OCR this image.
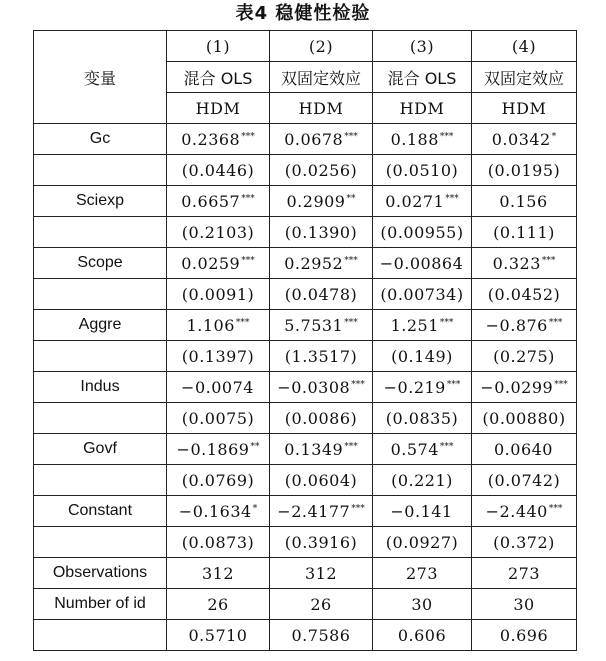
表4 稳健性检验
变量	(1)	(2)	(3)	(4)
	混合 OLS	双固定效应	混合 OLS	双固定效应
	HDM	HDM	HDM	HDM
Gc	0.2368***	0.0678***	0.188***	0.0342*
	(0.0446)	(0.0256)	(0.0510)	(0.0195)
Sciexp	0.6657***	0.2909**	0.0271***	0.156
	(0.2103)	(0.1390)	(0.00955)	(0.111)
Scope	0.0259***	0.2952***	−0.00864	0.323***
	(0.0091)	(0.0478)	(0.00734)	(0.0452)
Aggre	1.106***	5.7531***	1.251***	−0.876***
	(0.1397)	(1.3517)	(0.149)	(0.275)
Indus	−0.0074	−0.0308***	−0.219***	−0.0299***
	(0.0075)	(0.0086)	(0.0835)	(0.00880)
Govf	−0.1869**	0.1349***	0.574***	0.0640
	(0.0769)	(0.0604)	(0.221)	(0.0742)
Constant	−0.1634*	−2.4177***	−0.141	−2.440***
	(0.0873)	(0.3916)	(0.0927)	(0.372)
Observations	312	312	273	273
Number of id	26	26	30	30
	0.5710	0.7586	0.606	0.696
